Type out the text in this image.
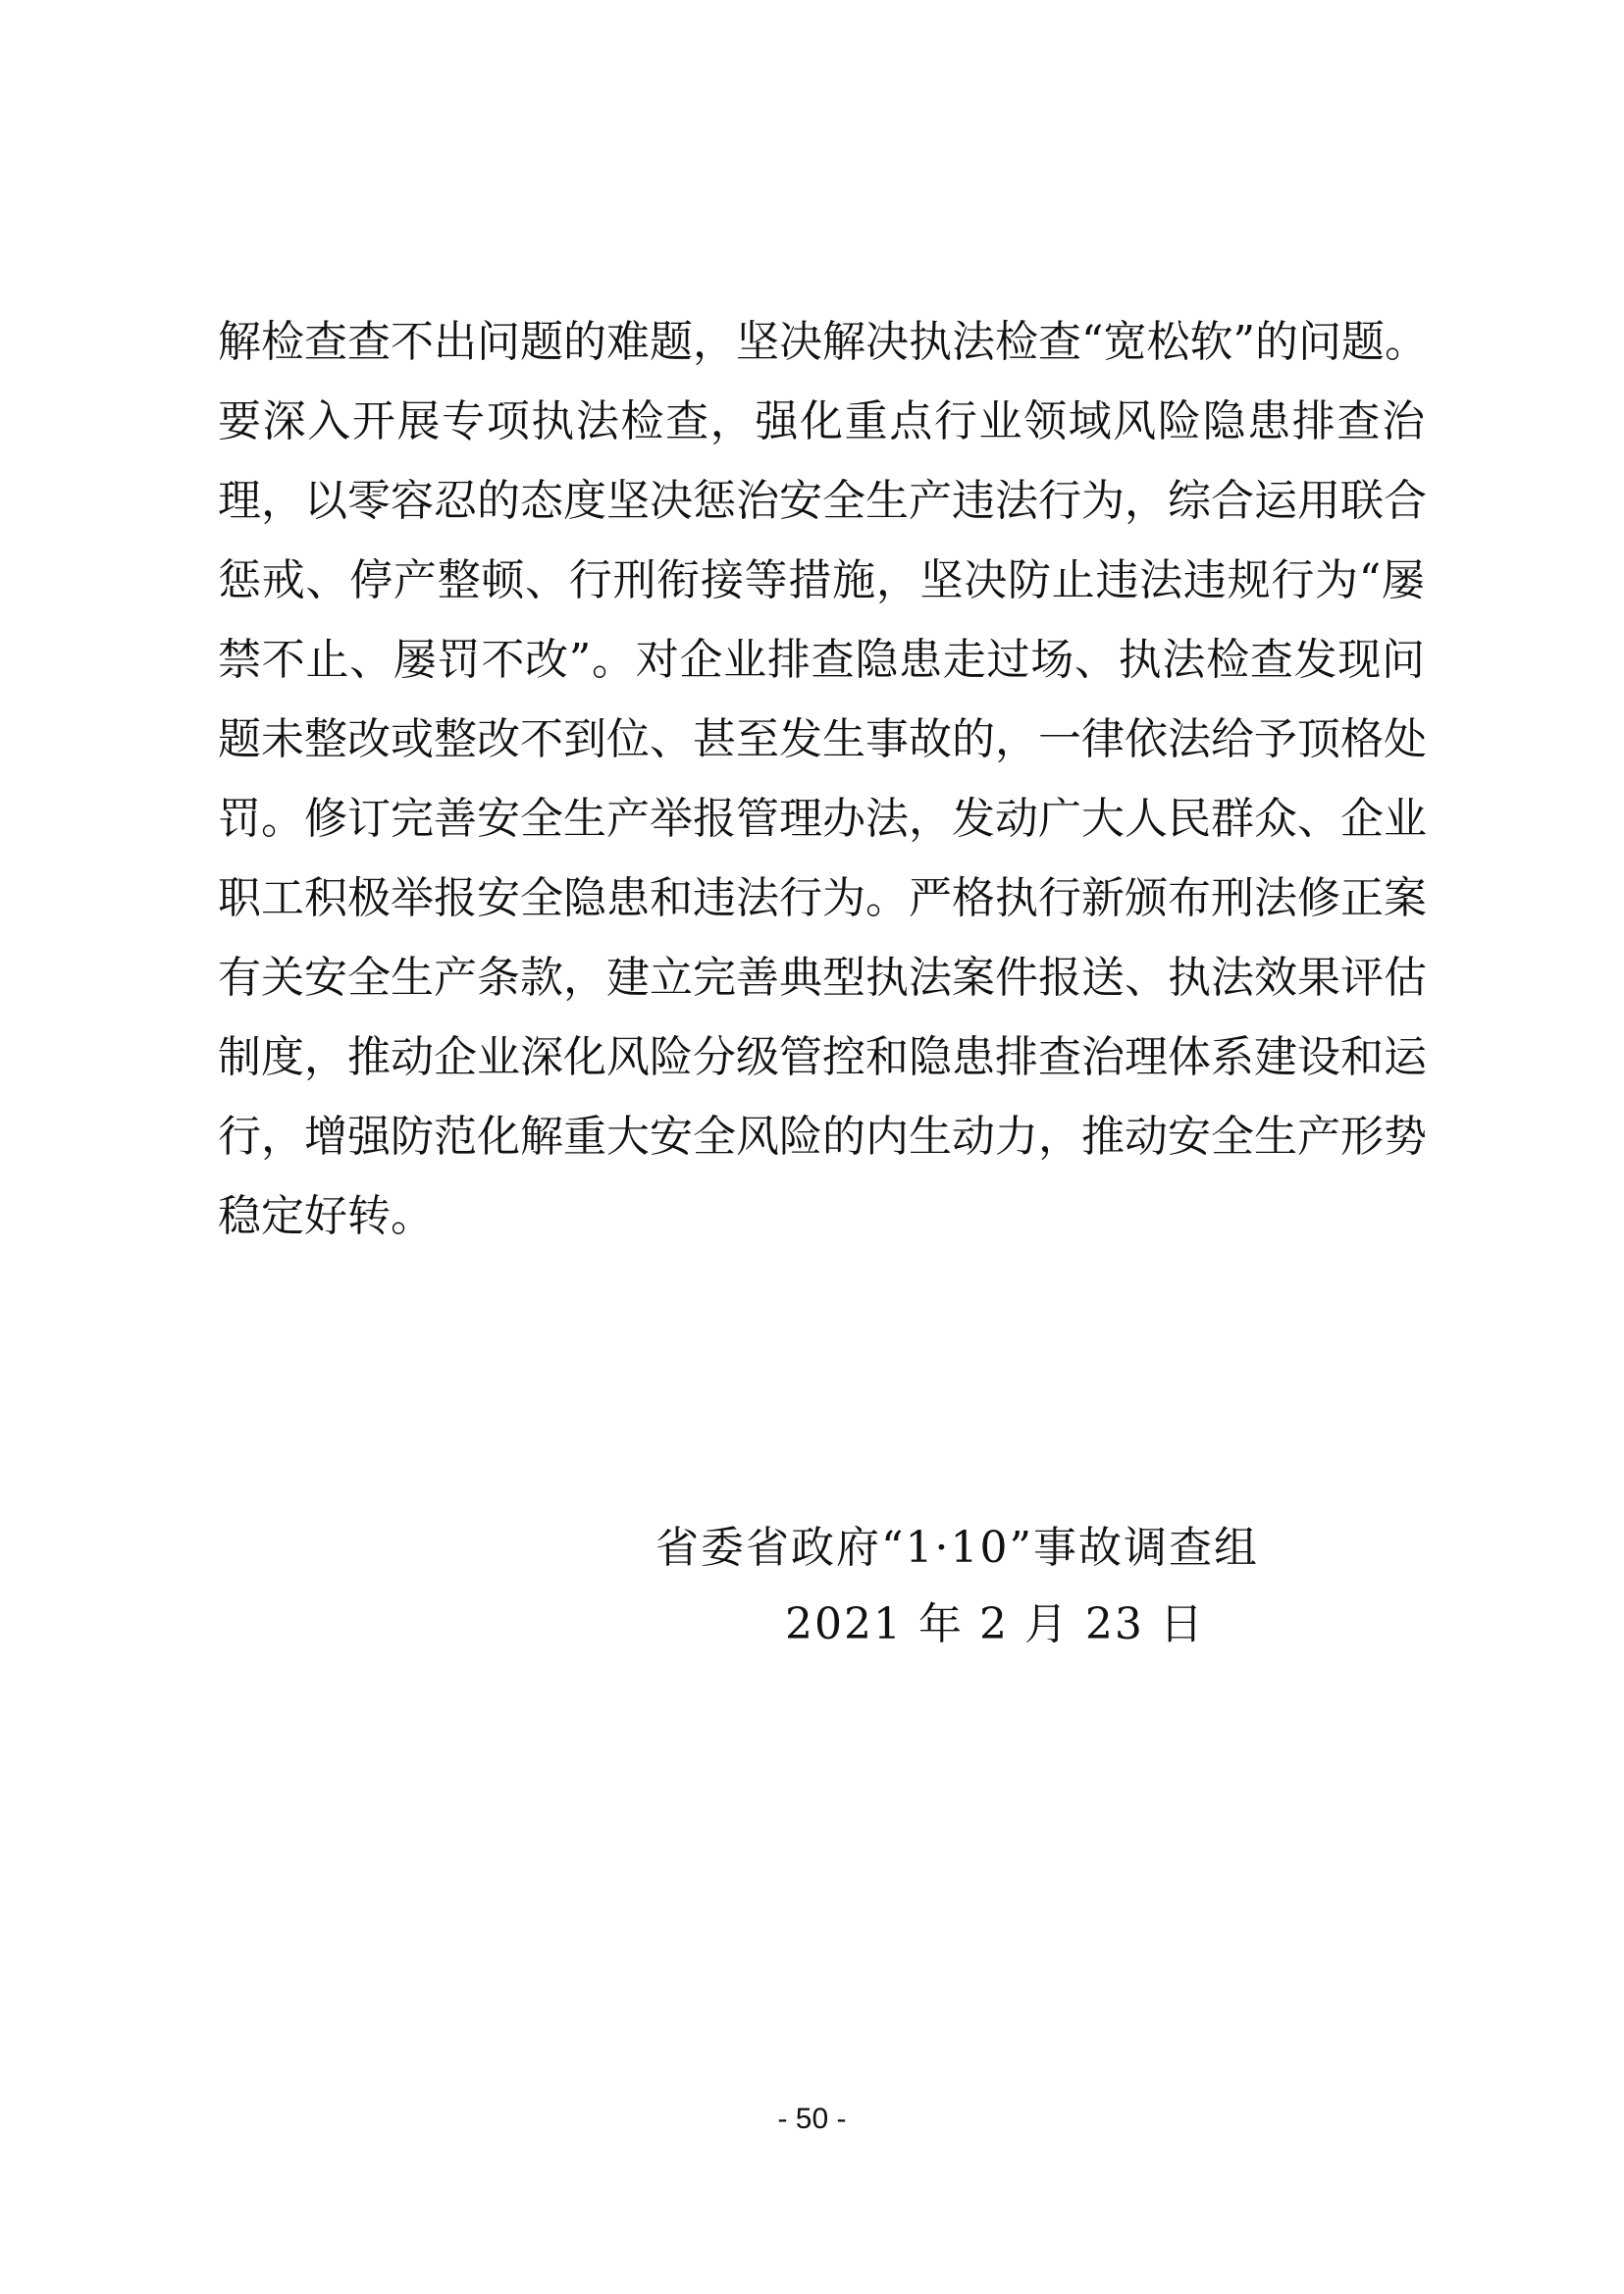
解检查查不出问题的难题，坚决解决执法检查“宽松软”的问题。
要深入开展专项执法检查，强化重点行业领域风险隐患排查治
理，以零容忍的态度坚决惩治安全生产违法行为，综合运用联合
惩戒、停产整顿、行刑衔接等措施，坚决防止违法违规行为“屡
禁不止、屡罚不改”。对企业排查隐患走过场、执法检查发现问
题未整改或整改不到位、甚至发生事故的，一律依法给予顶格处
罚。修订完善安全生产举报管理办法，发动广大人民群众、企业
职工积极举报安全隐患和违法行为。严格执行新颁布刑法修正案
有关安全生产条款，建立完善典型执法案件报送、执法效果评估
制度，推动企业深化风险分级管控和隐患排查治理体系建设和运
行，增强防范化解重大安全风险的内生动力，推动安全生产形势
稳定好转。
省委省政府“1·10”事故调查组
2021 年 2 月 23 日
- 50 -
